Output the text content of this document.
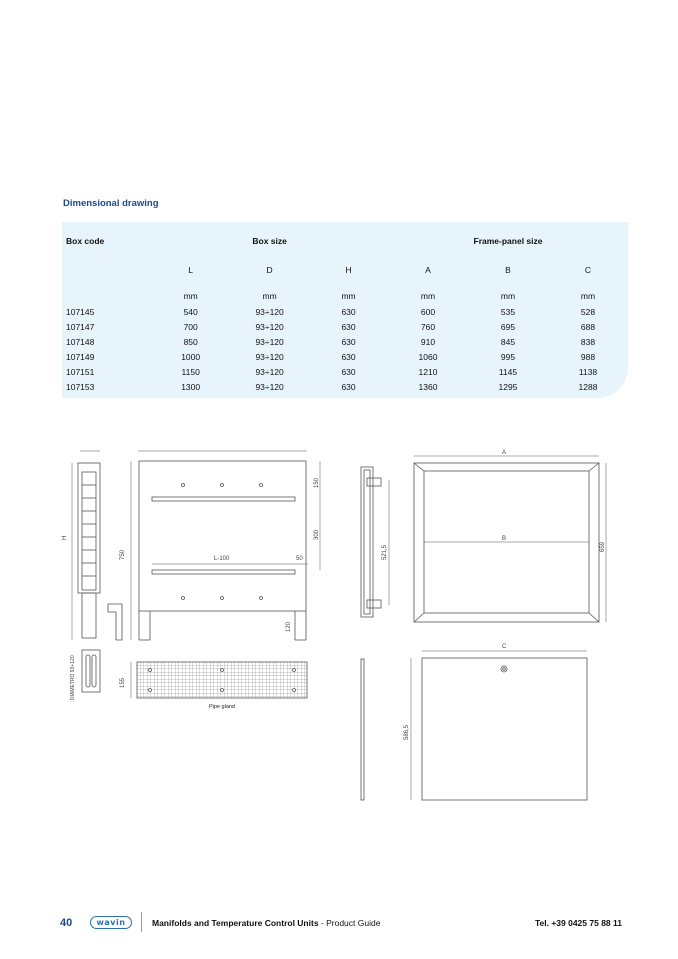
Dimensional drawing
Box code	Box size			Frame-panel size		
	L	D	H	A	B	C
	mm	mm	mm	mm	mm	mm
107145	540	93÷120	630	600	535	528
107147	700	93÷120	630	760	695	688
107148	850	93÷120	630	910	845	838
107149	1000	93÷120	630	1060	995	988
107151	1150	93÷120	630	1210	1145	1138
107153	1300	93÷120	630	1360	1295	1288
H
DIAMETRO 93+120
750
150
300
L-100	50
120
155
Pipe gland
521,5
A
B
659
C
586,5
40	wavin	Manifolds and Temperature Control Units - Product Guide	Tel. +39 0425 75 88 11
